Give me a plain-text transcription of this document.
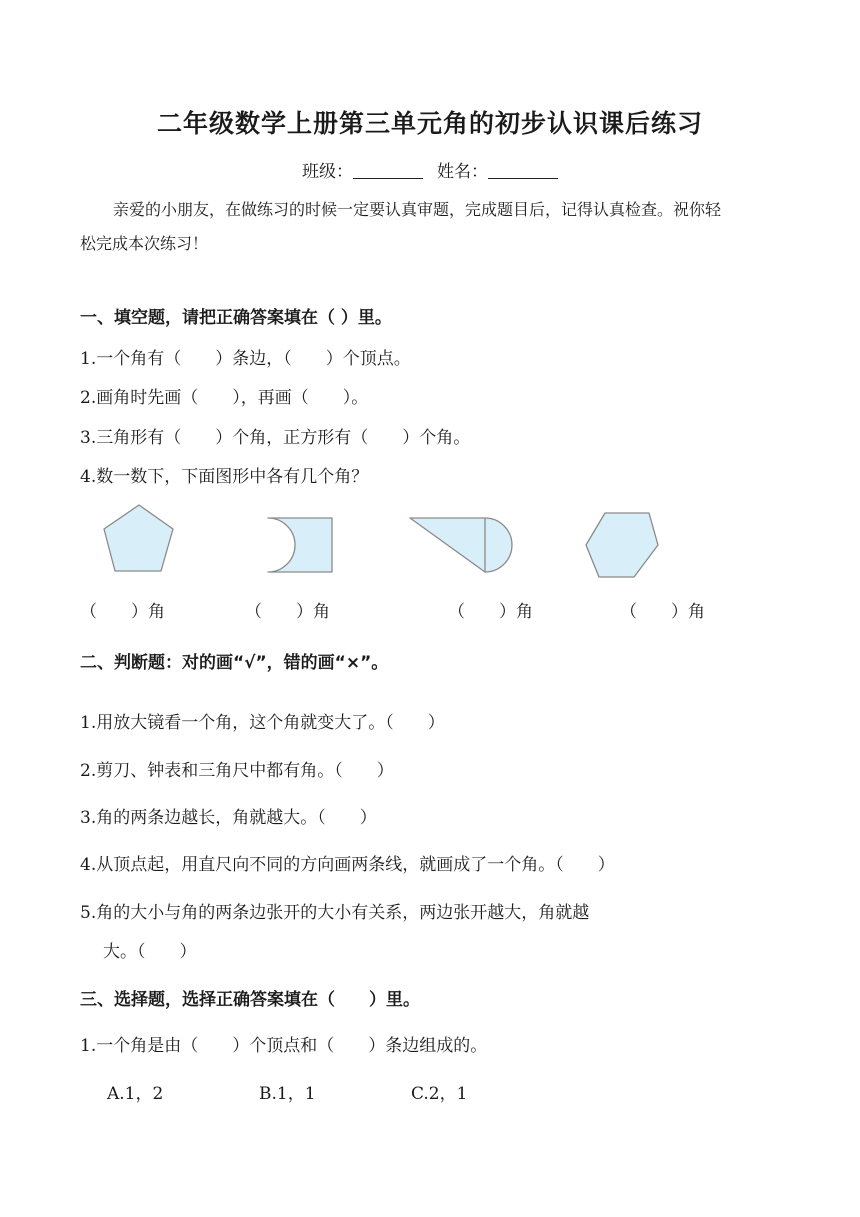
二年级数学上册第三单元角的初步认识课后练习
班级：	姓名：
亲爱的小朋友，在做练习的时候一定要认真审题，完成题目后，记得认真检查。祝你轻
松完成本次练习！
一、填空题，请把正确答案填在（ ）里。
1.一个角有（　　）条边，（　　）个顶点。
2.画角时先画（　　），再画（　　）。
3.三角形有（　　）个角，正方形有（　　）个角。
4.数一数下，下面图形中各有几个角？
（　　）角	（　　）角	（　　）角	（　　）角
二、判断题：对的画“√”，错的画“×”。
1.用放大镜看一个角，这个角就变大了。（　　）
2.剪刀、钟表和三角尺中都有角。（　　）
3.角的两条边越长，角就越大。（　　）
4.从顶点起，用直尺向不同的方向画两条线，就画成了一个角。（　　）
5.角的大小与角的两条边张开的大小有关系，两边张开越大，角就越
大。（　　）
三、选择题，选择正确答案填在（　　）里。
1.一个角是由（　　）个顶点和（　　）条边组成的。
A.1，2	B.1，1	C.2，1
